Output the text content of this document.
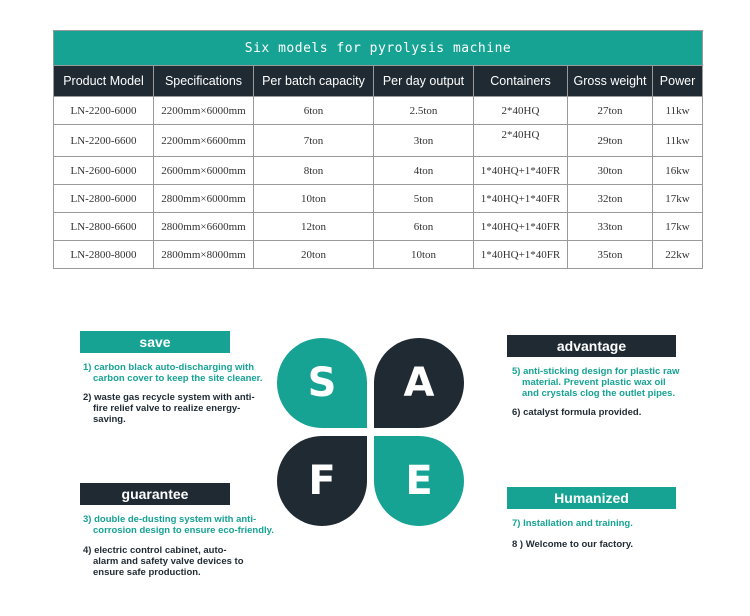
Six models for pyrolysis machine						
Product Model	Specifications	Per batch capacity	Per day output	Containers	Gross weight	Power
LN-2200-6000	2200mm×6000mm	6ton	2.5ton	2*40HQ	27ton	11kw
LN-2200-6600	2200mm×6600mm	7ton	3ton	2*40HQ	29ton	11kw
LN-2600-6000	2600mm×6000mm	8ton	4ton	1*40HQ+1*40FR	30ton	16kw
LN-2800-6000	2800mm×6000mm	10ton	5ton	1*40HQ+1*40FR	32ton	17kw
LN-2800-6600	2800mm×6600mm	12ton	6ton	1*40HQ+1*40FR	33ton	17kw
LN-2800-8000	2800mm×8000mm	20ton	10ton	1*40HQ+1*40FR	35ton	22kw
S	A
F	E
save
1) carbon black auto-discharging with
carbon cover to keep the site cleaner.
2) waste gas recycle system with anti-
fire relief valve to realize energy-
saving.
advantage
5) anti-sticking design for plastic raw
material. Prevent plastic wax oil
and crystals clog the outlet pipes.
6) catalyst formula provided.
guarantee
3) double de-dusting system with anti-
corrosion design to ensure eco-friendly.
4) electric control cabinet, auto-
alarm and safety valve devices to
ensure safe production.
Humanized
7) Installation and training.
8 ) Welcome to our factory.
